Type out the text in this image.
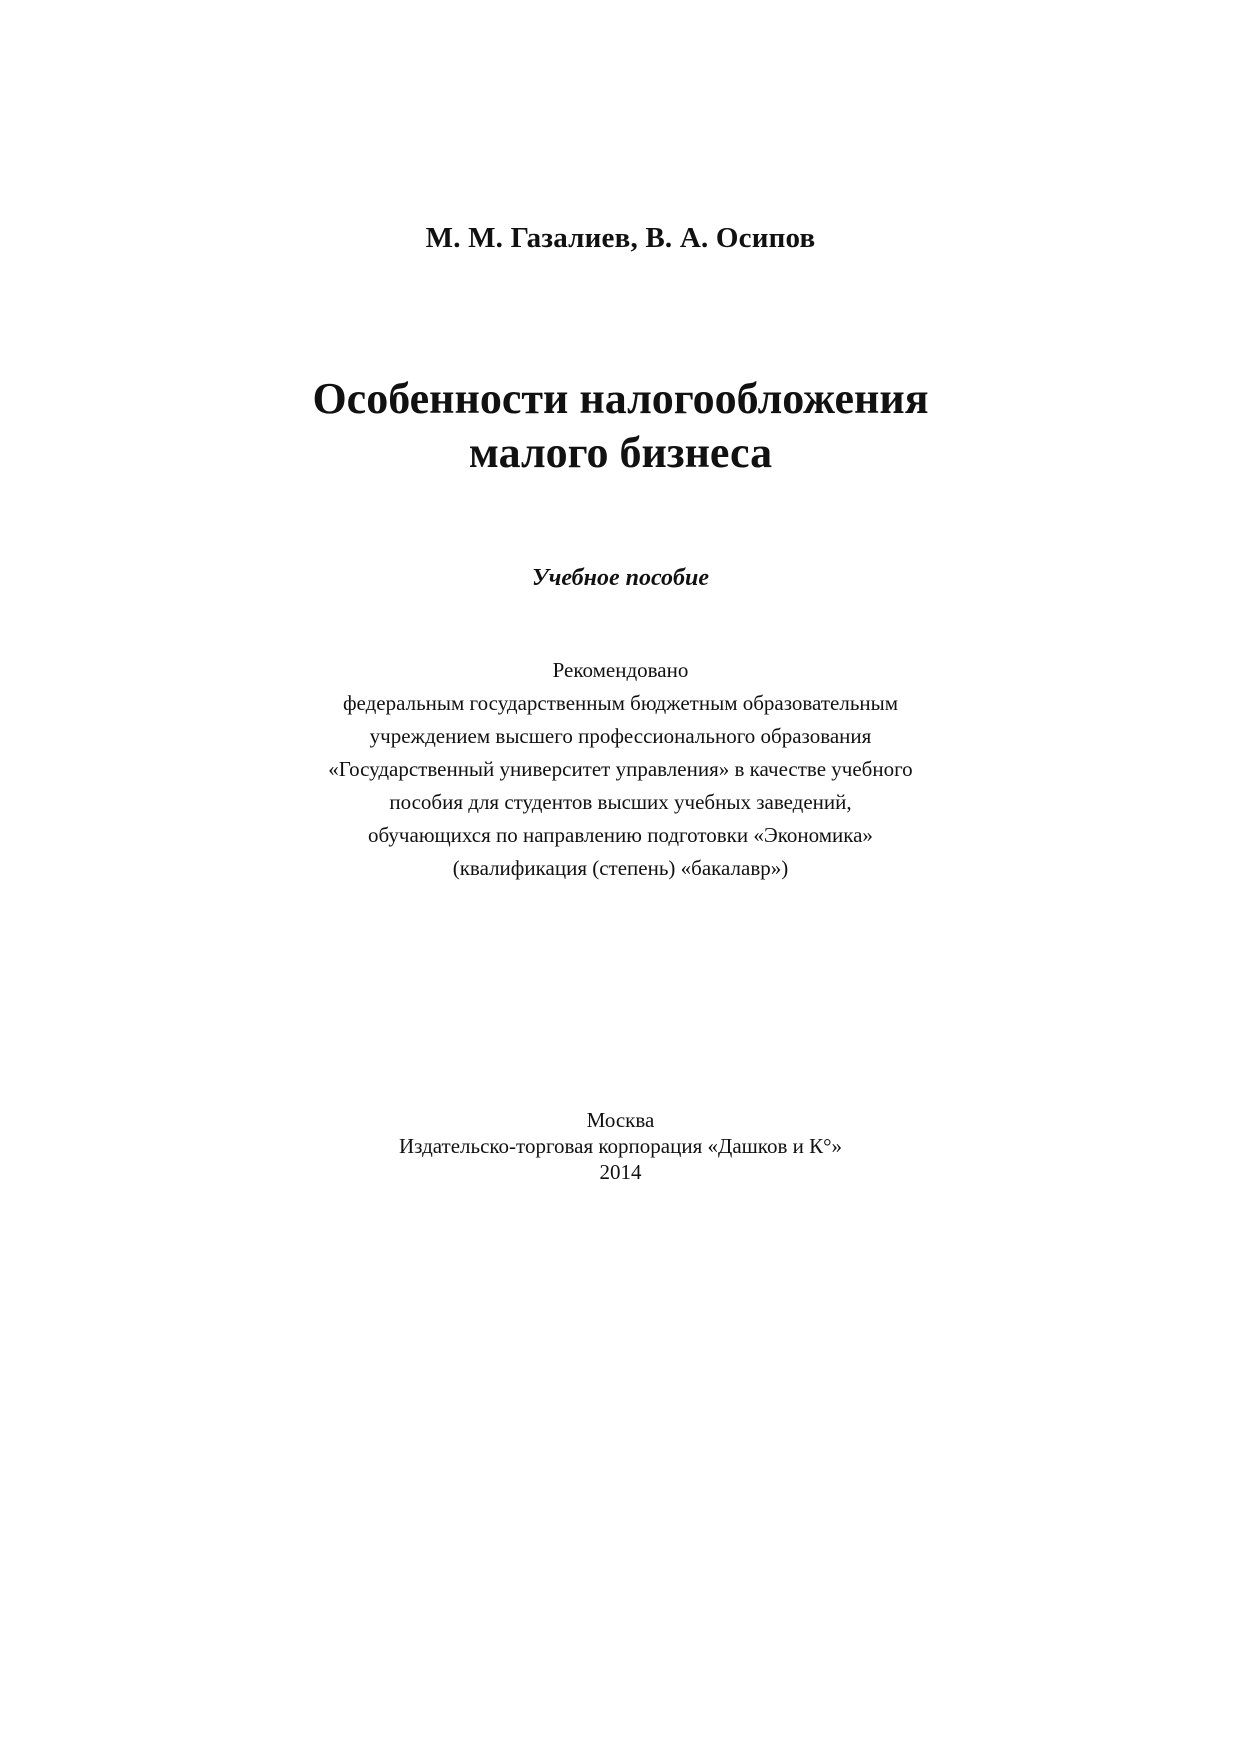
М. М. Газалиев, В. А. Осипов
Особенности налогообложения
малого бизнеса
Учебное пособие
Рекомендовано
федеральным государственным бюджетным образовательным
учреждением высшего профессионального образования
«Государственный университет управления» в качестве учебного
пособия для студентов высших учебных заведений,
обучающихся по направлению подготовки «Экономика»
(квалификация (степень) «бакалавр»)
Москва
Издательско-торговая корпорация «Дашков и К°»
2014
